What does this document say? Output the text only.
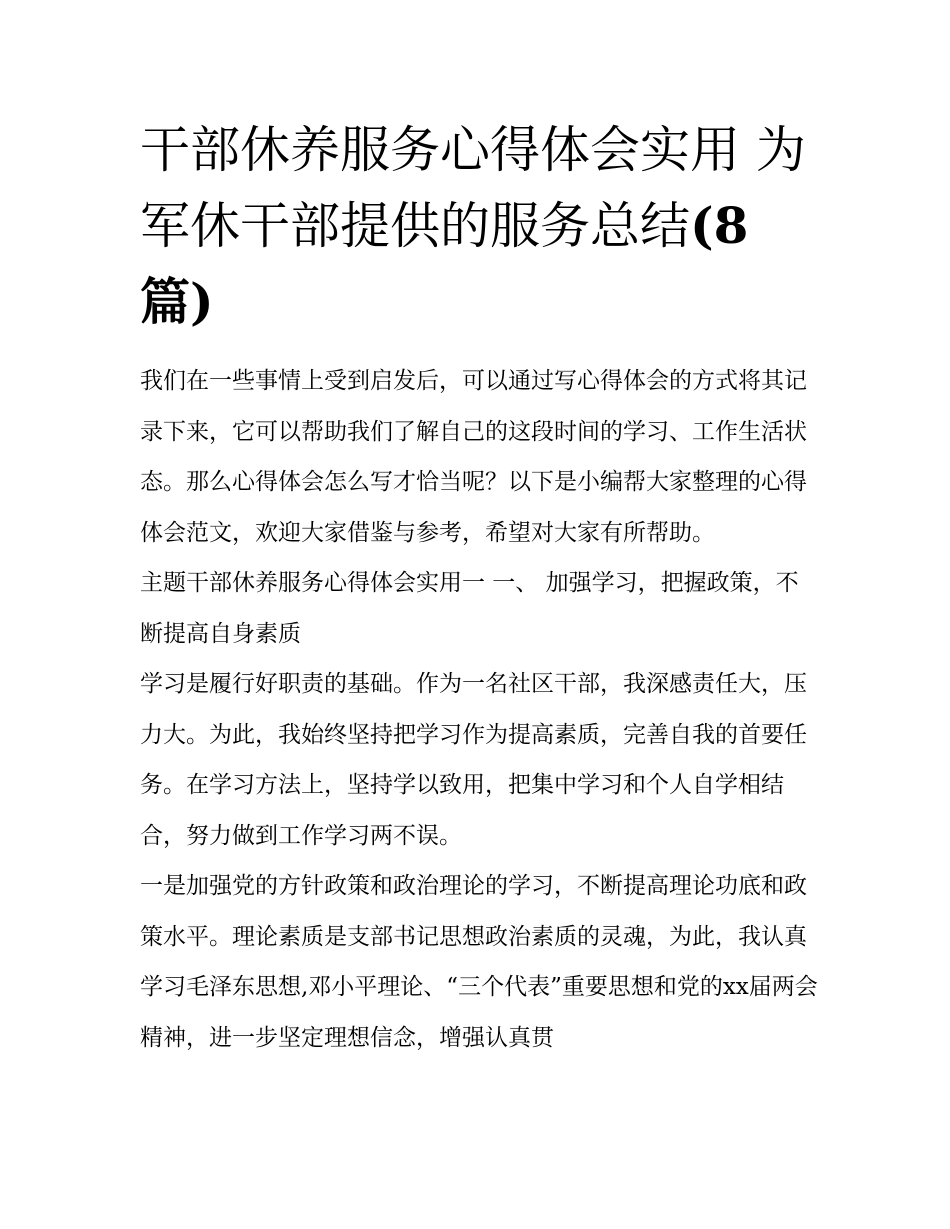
干部休养服务心得体会实用 为军休干部提供的服务总结(8
篇)

我们在一些事情上受到启发后，可以通过写心得体会的方式将其记录下来，它可以帮助我们了解自己的这段时间的学习、工作生活状态。那么心得体会怎么写才恰当呢？以下是小编帮大家整理的心得体会范文，欢迎大家借鉴与参考，希望对大家有所帮助。

主题干部休养服务心得体会实用一 一、 加强学习，把握政策，不断提高自身素质

学习是履行好职责的基础。作为一名社区干部，我深感责任大，压力大。为此，我始终坚持把学习作为提高素质，完善自我的首要任务。在学习方法上，坚持学以致用，把集中学习和个人自学相结合，努力做到工作学习两不误。

一是加强党的方针政策和政治理论的学习，不断提高理论功底和政策水平。理论素质是支部书记思想政治素质的灵魂，为此，我认真学习毛泽东思想,邓小平理论、“三个代表”重要思想和党的xx届两会精神，进一步坚定理想信念，增强认真贯
